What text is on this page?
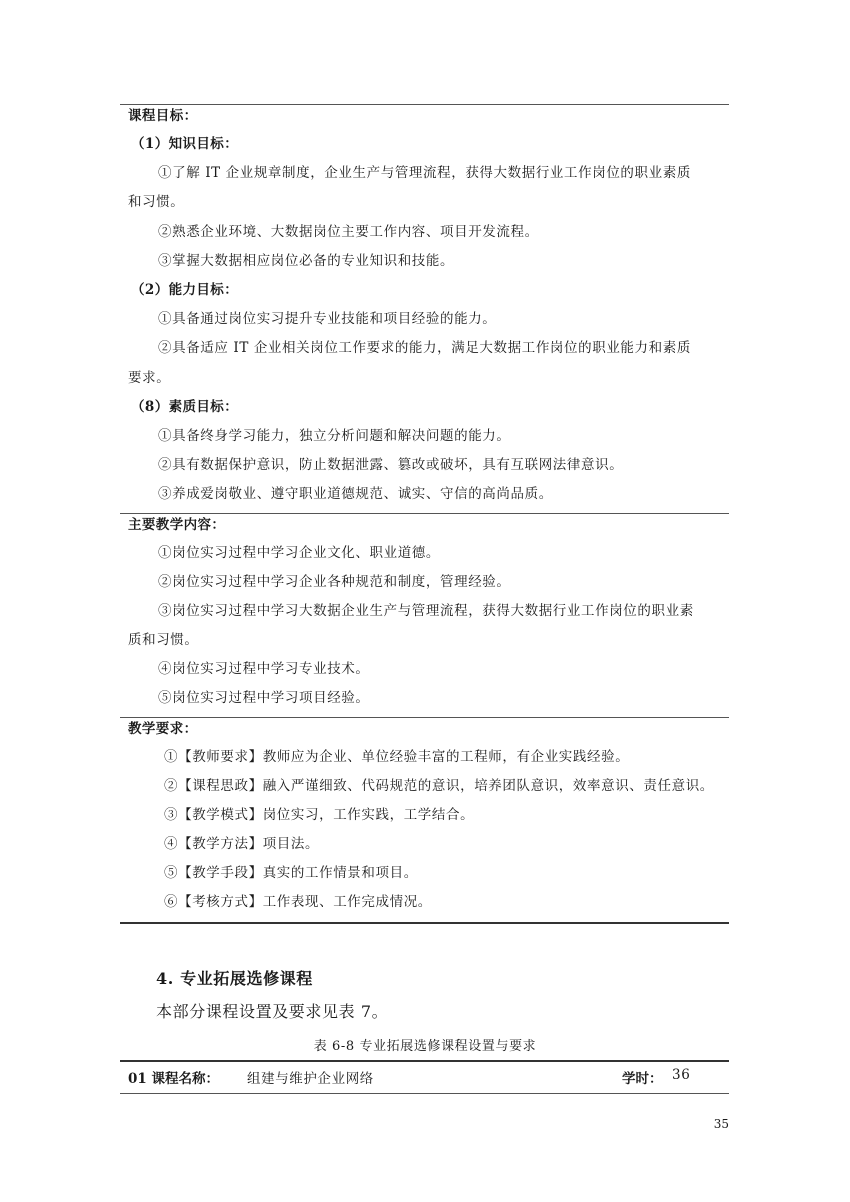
课程目标：
（1）知识目标：
①了解 IT 企业规章制度，企业生产与管理流程，获得大数据行业工作岗位的职业素质
和习惯。
②熟悉企业环境、大数据岗位主要工作内容、项目开发流程。
③掌握大数据相应岗位必备的专业知识和技能。
（2）能力目标：
①具备通过岗位实习提升专业技能和项目经验的能力。
②具备适应 IT 企业相关岗位工作要求的能力，满足大数据工作岗位的职业能力和素质
要求。
（8）素质目标：
①具备终身学习能力，独立分析问题和解决问题的能力。
②具有数据保护意识，防止数据泄露、篡改或破坏，具有互联网法律意识。
③养成爱岗敬业、遵守职业道德规范、诚实、守信的高尚品质。
主要教学内容：
①岗位实习过程中学习企业文化、职业道德。
②岗位实习过程中学习企业各种规范和制度，管理经验。
③岗位实习过程中学习大数据企业生产与管理流程，获得大数据行业工作岗位的职业素
质和习惯。
④岗位实习过程中学习专业技术。
⑤岗位实习过程中学习项目经验。
教学要求：
①【教师要求】教师应为企业、单位经验丰富的工程师，有企业实践经验。
②【课程思政】融入严谨细致、代码规范的意识，培养团队意识，效率意识、责任意识。
③【教学模式】岗位实习，工作实践，工学结合。
④【教学方法】项目法。
⑤【教学手段】真实的工作情景和项目。
⑥【考核方式】工作表现、工作完成情况。
4. 专业拓展选修课程
本部分课程设置及要求见表 7。
表 6-8 专业拓展选修课程设置与要求
01 课程名称： 组建与维护企业网络	学时： 36
35
